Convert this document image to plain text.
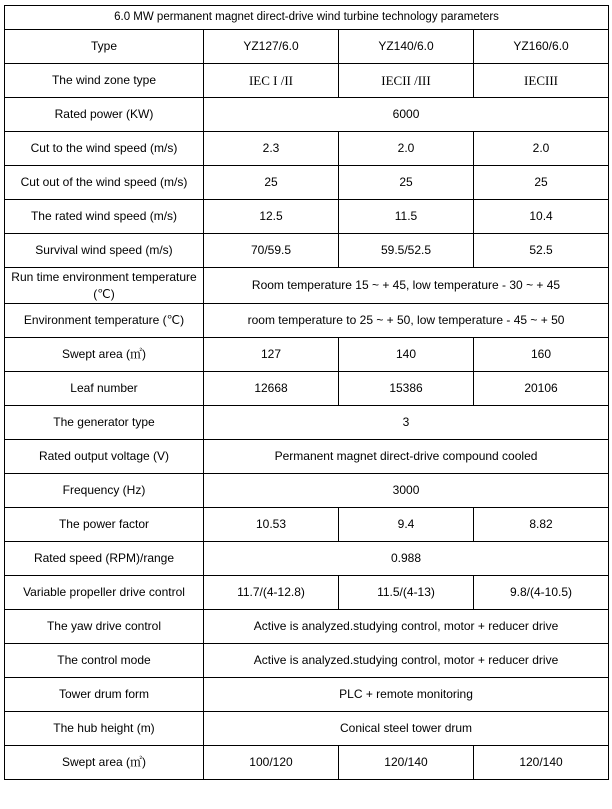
6.0 MW permanent magnet direct-drive wind turbine technology parameters			
Type	YZ127/6.0	YZ140/6.0	YZ160/6.0
The wind zone type	IEC I /II	IECII /III	IECIII
Rated power (KW)	6000		
Cut to the wind speed (m/s)	2.3	2.0	2.0
Cut out of the wind speed (m/s)	25	25	25
The rated wind speed (m/s)	12.5	11.5	10.4
Survival wind speed (m/s)	70/59.5	59.5/52.5	52.5
Run time environment temperature (℃)	Room temperature 15 ~ + 45, low temperature - 30 ~ + 45		
Environment temperature (℃)	room temperature to 25 ~ + 50, low temperature - 45 ~ + 50		
Swept area (㎡)	127	140	160
Leaf number	12668	15386	20106
The generator type	3		
Rated output voltage (V)	Permanent magnet direct-drive compound cooled		
Frequency (Hz)	3000		
The power factor	10.53	9.4	8.82
Rated speed (RPM)/range	0.988		
Variable propeller drive control	11.7/(4-12.8)	11.5/(4-13)	9.8/(4-10.5)
The yaw drive control	Active is analyzed.studying control, motor + reducer drive		
The control mode	Active is analyzed.studying control, motor + reducer drive		
Tower drum form	PLC + remote monitoring		
The hub height (m)	Conical steel tower drum		
Swept area (㎡)	100/120	120/140	120/140
